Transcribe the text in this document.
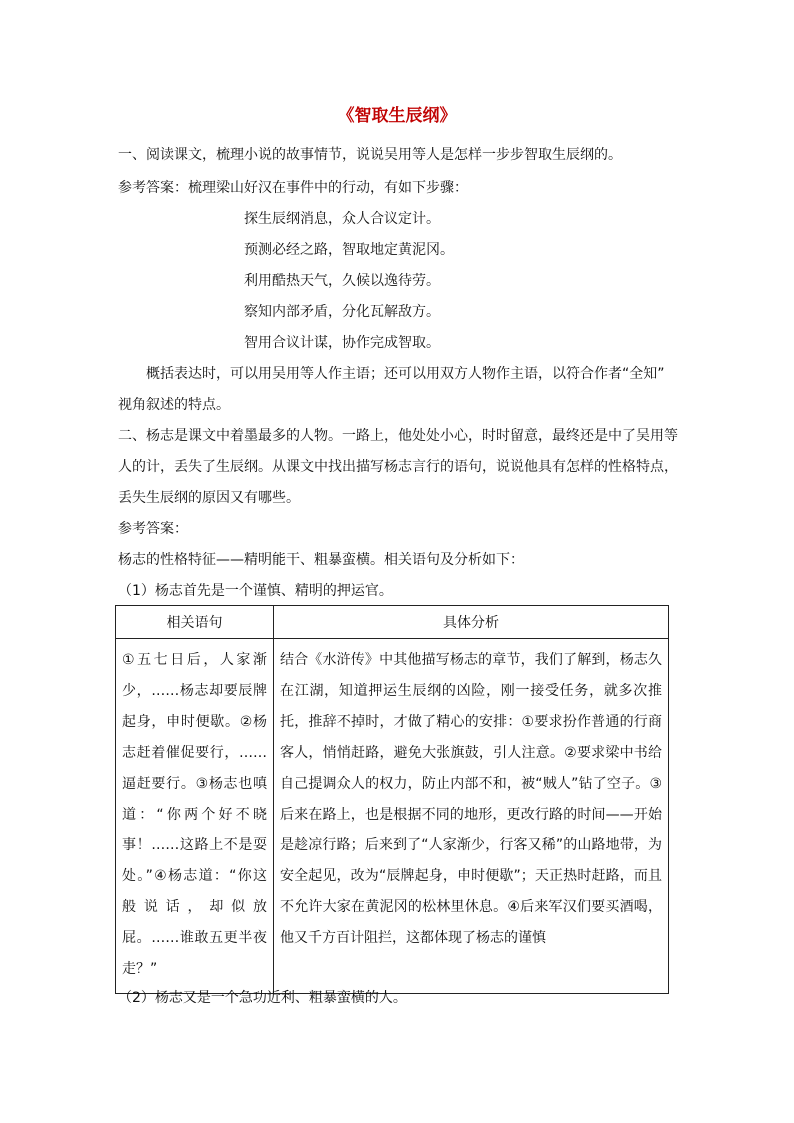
《智取生辰纲》
一、阅读课文，梳理小说的故事情节，说说吴用等人是怎样一步步智取生辰纲的。
参考答案：梳理梁山好汉在事件中的行动，有如下步骤：
探生辰纲消息，众人合议定计。
预测必经之路，智取地定黄泥冈。
利用酷热天气，久候以逸待劳。
察知内部矛盾，分化瓦解敌方。
智用合议计谋，协作完成智取。
概括表达时，可以用吴用等人作主语；还可以用双方人物作主语，以符合作者“全知”
视角叙述的特点。
二、杨志是课文中着墨最多的人物。一路上，他处处小心，时时留意，最终还是中了吴用等
人的计，丢失了生辰纲。从课文中找出描写杨志言行的语句，说说他具有怎样的性格特点，
丢失生辰纲的原因又有哪些。
参考答案：
杨志的性格特征——精明能干、粗暴蛮横。相关语句及分析如下：
（1）杨志首先是一个谨慎、精明的押运官。
相关语句	具体分析
①五七日后，人家渐少，……杨志却要辰牌起身，申时便歇。②杨志赶着催促要行，……逼赶要行。③杨志也嗔道：“你两个好不晓事！……这路上不是耍处。”④杨志道：“你这般说话，却似放屁。……谁敢五更半夜走？”	结合《水浒传》中其他描写杨志的章节，我们了解到，杨志久在江湖，知道押运生辰纲的凶险，刚一接受任务，就多次推托，推辞不掉时，才做了精心的安排：①要求扮作普通的行商客人，悄悄赶路，避免大张旗鼓，引人注意。②要求梁中书给自己提调众人的权力，防止内部不和，被“贼人”钻了空子。③后来在路上，也是根据不同的地形，更改行路的时间——开始是趁凉行路；后来到了“人家渐少，行客又稀”的山路地带，为安全起见，改为“辰牌起身，申时便歇”；天正热时赶路，而且不允许大家在黄泥冈的松林里休息。④后来军汉们要买酒喝，他又千方百计阻拦，这都体现了杨志的谨慎
（2）杨志又是一个急功近利、粗暴蛮横的人。
